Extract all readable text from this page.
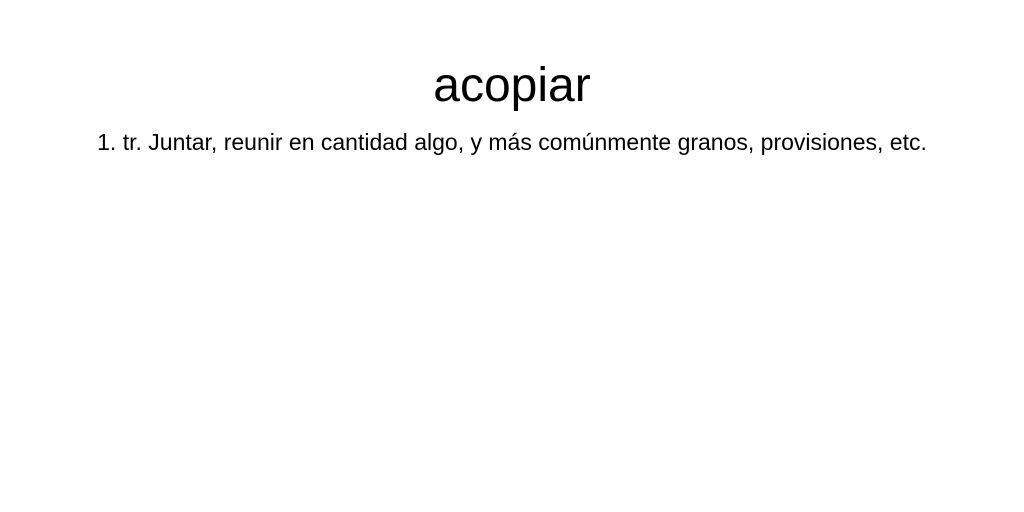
acopiar

1. tr. Juntar, reunir en cantidad algo, y más comúnmente granos, provisiones, etc.
